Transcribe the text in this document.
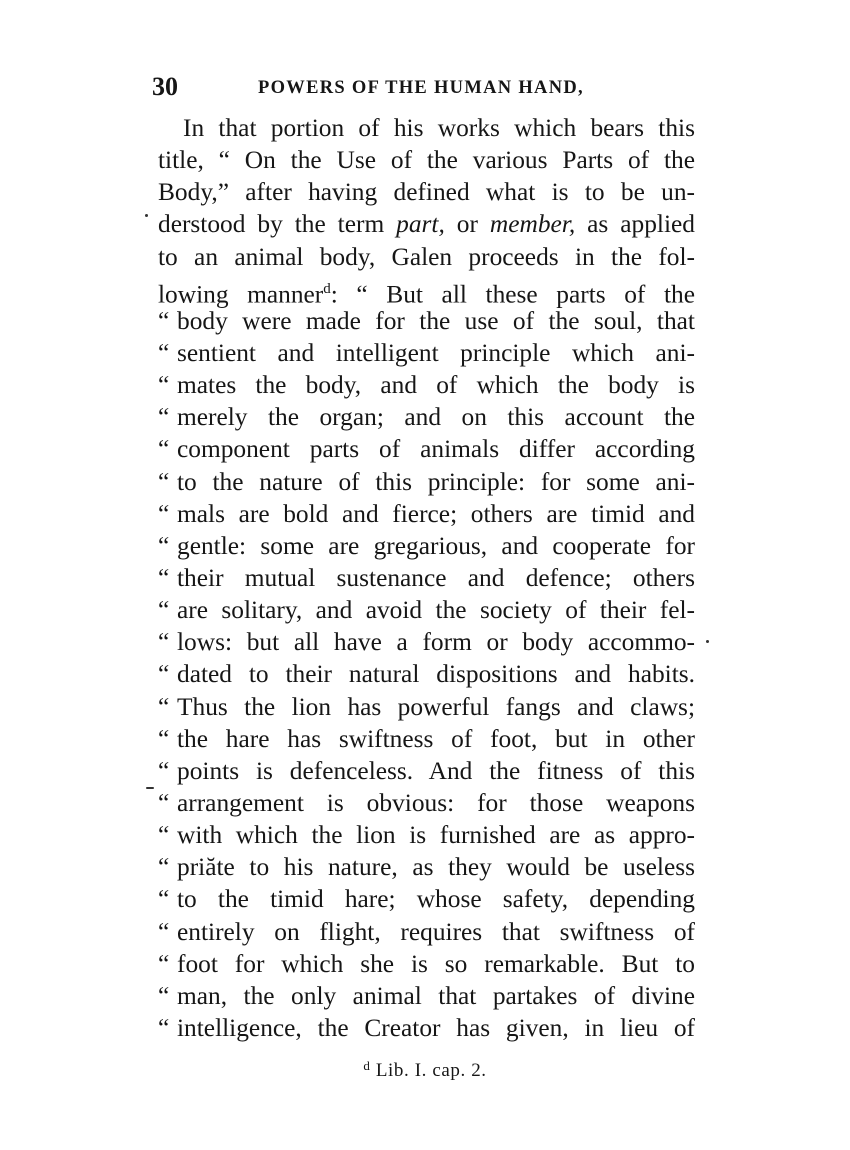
30	POWERS OF THE HUMAN HAND,
In that portion of his works which bears this
title, “ On the Use of the various Parts of the
Body,” after having defined what is to be un-
derstood by the term part, or member, as applied
to an animal body, Galen proceeds in the fol-
lowing manner$^d$: “ But all these parts of the
“ body were made for the use of the soul, that
“ sentient and intelligent principle which ani-
“ mates the body, and of which the body is
“ merely the organ; and on this account the
“ component parts of animals differ according
“ to the nature of this principle: for some ani-
“ mals are bold and fierce; others are timid and
“ gentle: some are gregarious, and cooperate for
“ their mutual sustenance and defence; others
“ are solitary, and avoid the society of their fel-
“ lows: but all have a form or body accommo-
“ dated to their natural dispositions and habits.
“ Thus the lion has powerful fangs and claws;
“ the hare has swiftness of foot, but in other
“ points is defenceless. And the fitness of this
“ arrangement is obvious: for those weapons
“ with which the lion is furnished are as appro-
“ priăte to his nature, as they would be useless
“ to the timid hare; whose safety, depending
“ entirely on flight, requires that swiftness of
“ foot for which she is so remarkable. But to
“ man, the only animal that partakes of divine
“ intelligence, the Creator has given, in lieu of
$^d$ Lib. I. cap. 2.
